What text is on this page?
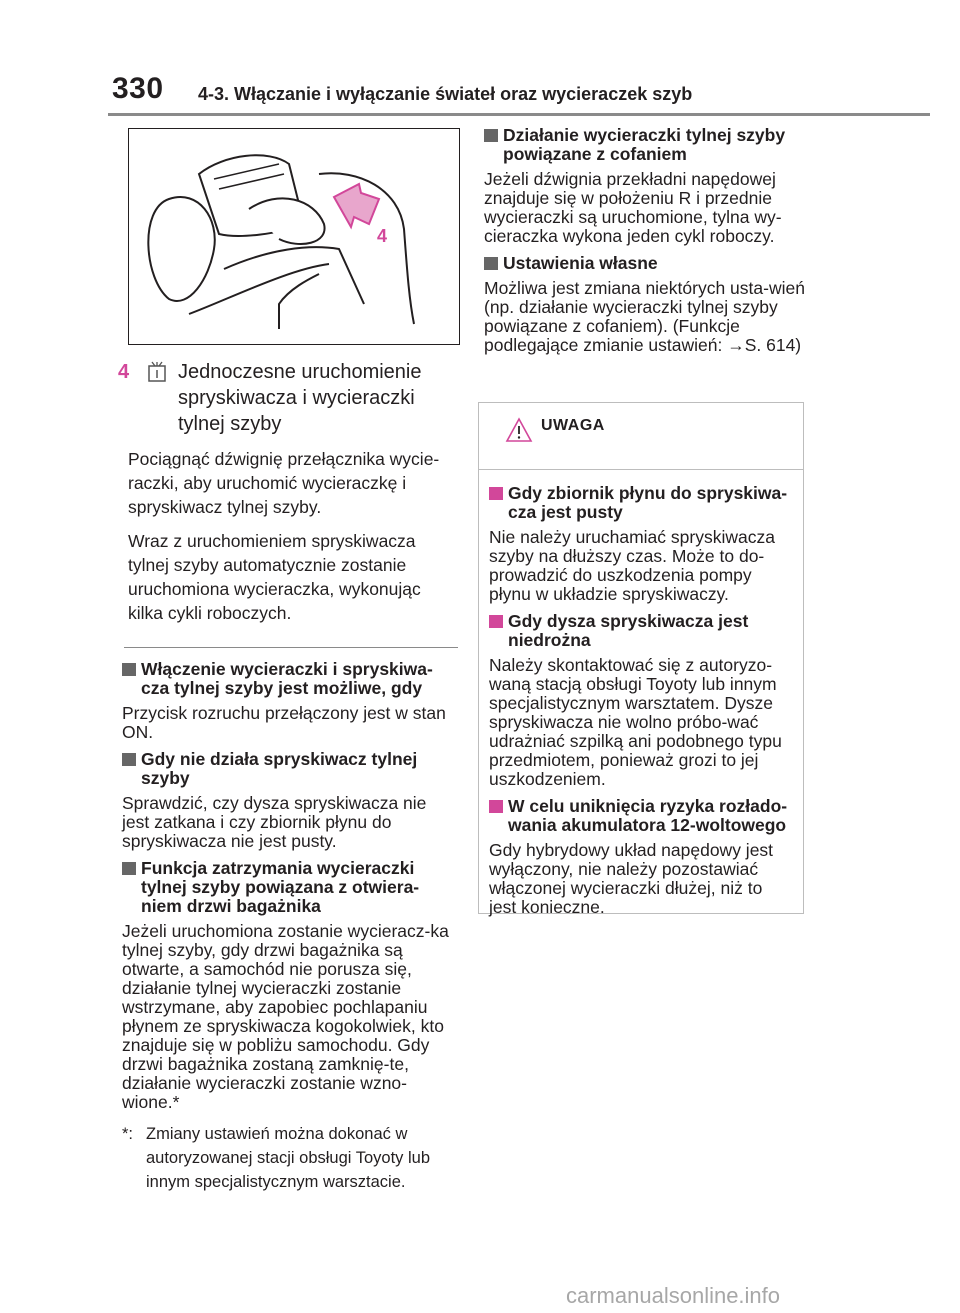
330 4-3. Włączanie i wyłączanie świateł oraz wycieraczek szyb
4
4	Jednoczesne uruchomienie spryskiwacza i wycieraczki tylnej szyby

Pociągnąć dźwignię przełącznika wycie-raczki, aby uruchomić wycieraczkę i spryskiwacz tylnej szyby.

Wraz z uruchomieniem spryskiwacza tylnej szyby automatycznie zostanie uruchomiona wycieraczka, wykonując kilka cykli roboczych.

Włączenie wycieraczki i spryskiwa-cza tylnej szyby jest możliwe, gdy
Przycisk rozruchu przełączony jest w stan ON.
Gdy nie działa spryskiwacz tylnej szyby
Sprawdzić, czy dysza spryskiwacza nie jest zatkana i czy zbiornik płynu do spryskiwacza nie jest pusty.
Funkcja zatrzymania wycieraczki tylnej szyby powiązana z otwiera-niem drzwi bagażnika
Jeżeli uruchomiona zostanie wycieracz-ka tylnej szyby, gdy drzwi bagażnika są otwarte, a samochód nie porusza się, działanie tylnej wycieraczki zostanie wstrzymane, aby zapobiec pochlapaniu płynem ze spryskiwacza kogokolwiek, kto znajduje się w pobliżu samochodu. Gdy drzwi bagażnika zostaną zamknię-te, działanie wycieraczki zostanie wzno-wione.*
*: Zmiany ustawień można dokonać w autoryzowanej stacji obsługi Toyoty lub innym specjalistycznym warsztacie.
Działanie wycieraczki tylnej szyby powiązane z cofaniem
Jeżeli dźwignia przekładni napędowej znajduje się w położeniu R i przednie wycieraczki są uruchomione, tylna wy-cieraczka wykona jeden cykl roboczy.
Ustawienia własne
Możliwa jest zmiana niektórych usta-wień (np. działanie wycieraczki tylnej szyby powiązane z cofaniem). (Funkcje podlegające zmianie ustawień: →S. 614)
UWAGA
Gdy zbiornik płynu do spryskiwa-cza jest pusty
Nie należy uruchamiać spryskiwacza szyby na dłuższy czas. Może to do-prowadzić do uszkodzenia pompy płynu w układzie spryskiwaczy.
Gdy dysza spryskiwacza jest niedrożna
Należy skontaktować się z autoryzo-waną stacją obsługi Toyoty lub innym specjalistycznym warsztatem. Dysze spryskiwacza nie wolno próbo-wać udrażniać szpilką ani podobnego typu przedmiotem, ponieważ grozi to jej uszkodzeniem.
W celu uniknięcia ryzyka rozłado-wania akumulatora 12-woltowego
Gdy hybrydowy układ napędowy jest wyłączony, nie należy pozostawiać włączonej wycieraczki dłużej, niż to jest konieczne.
carmanualsonline.info
